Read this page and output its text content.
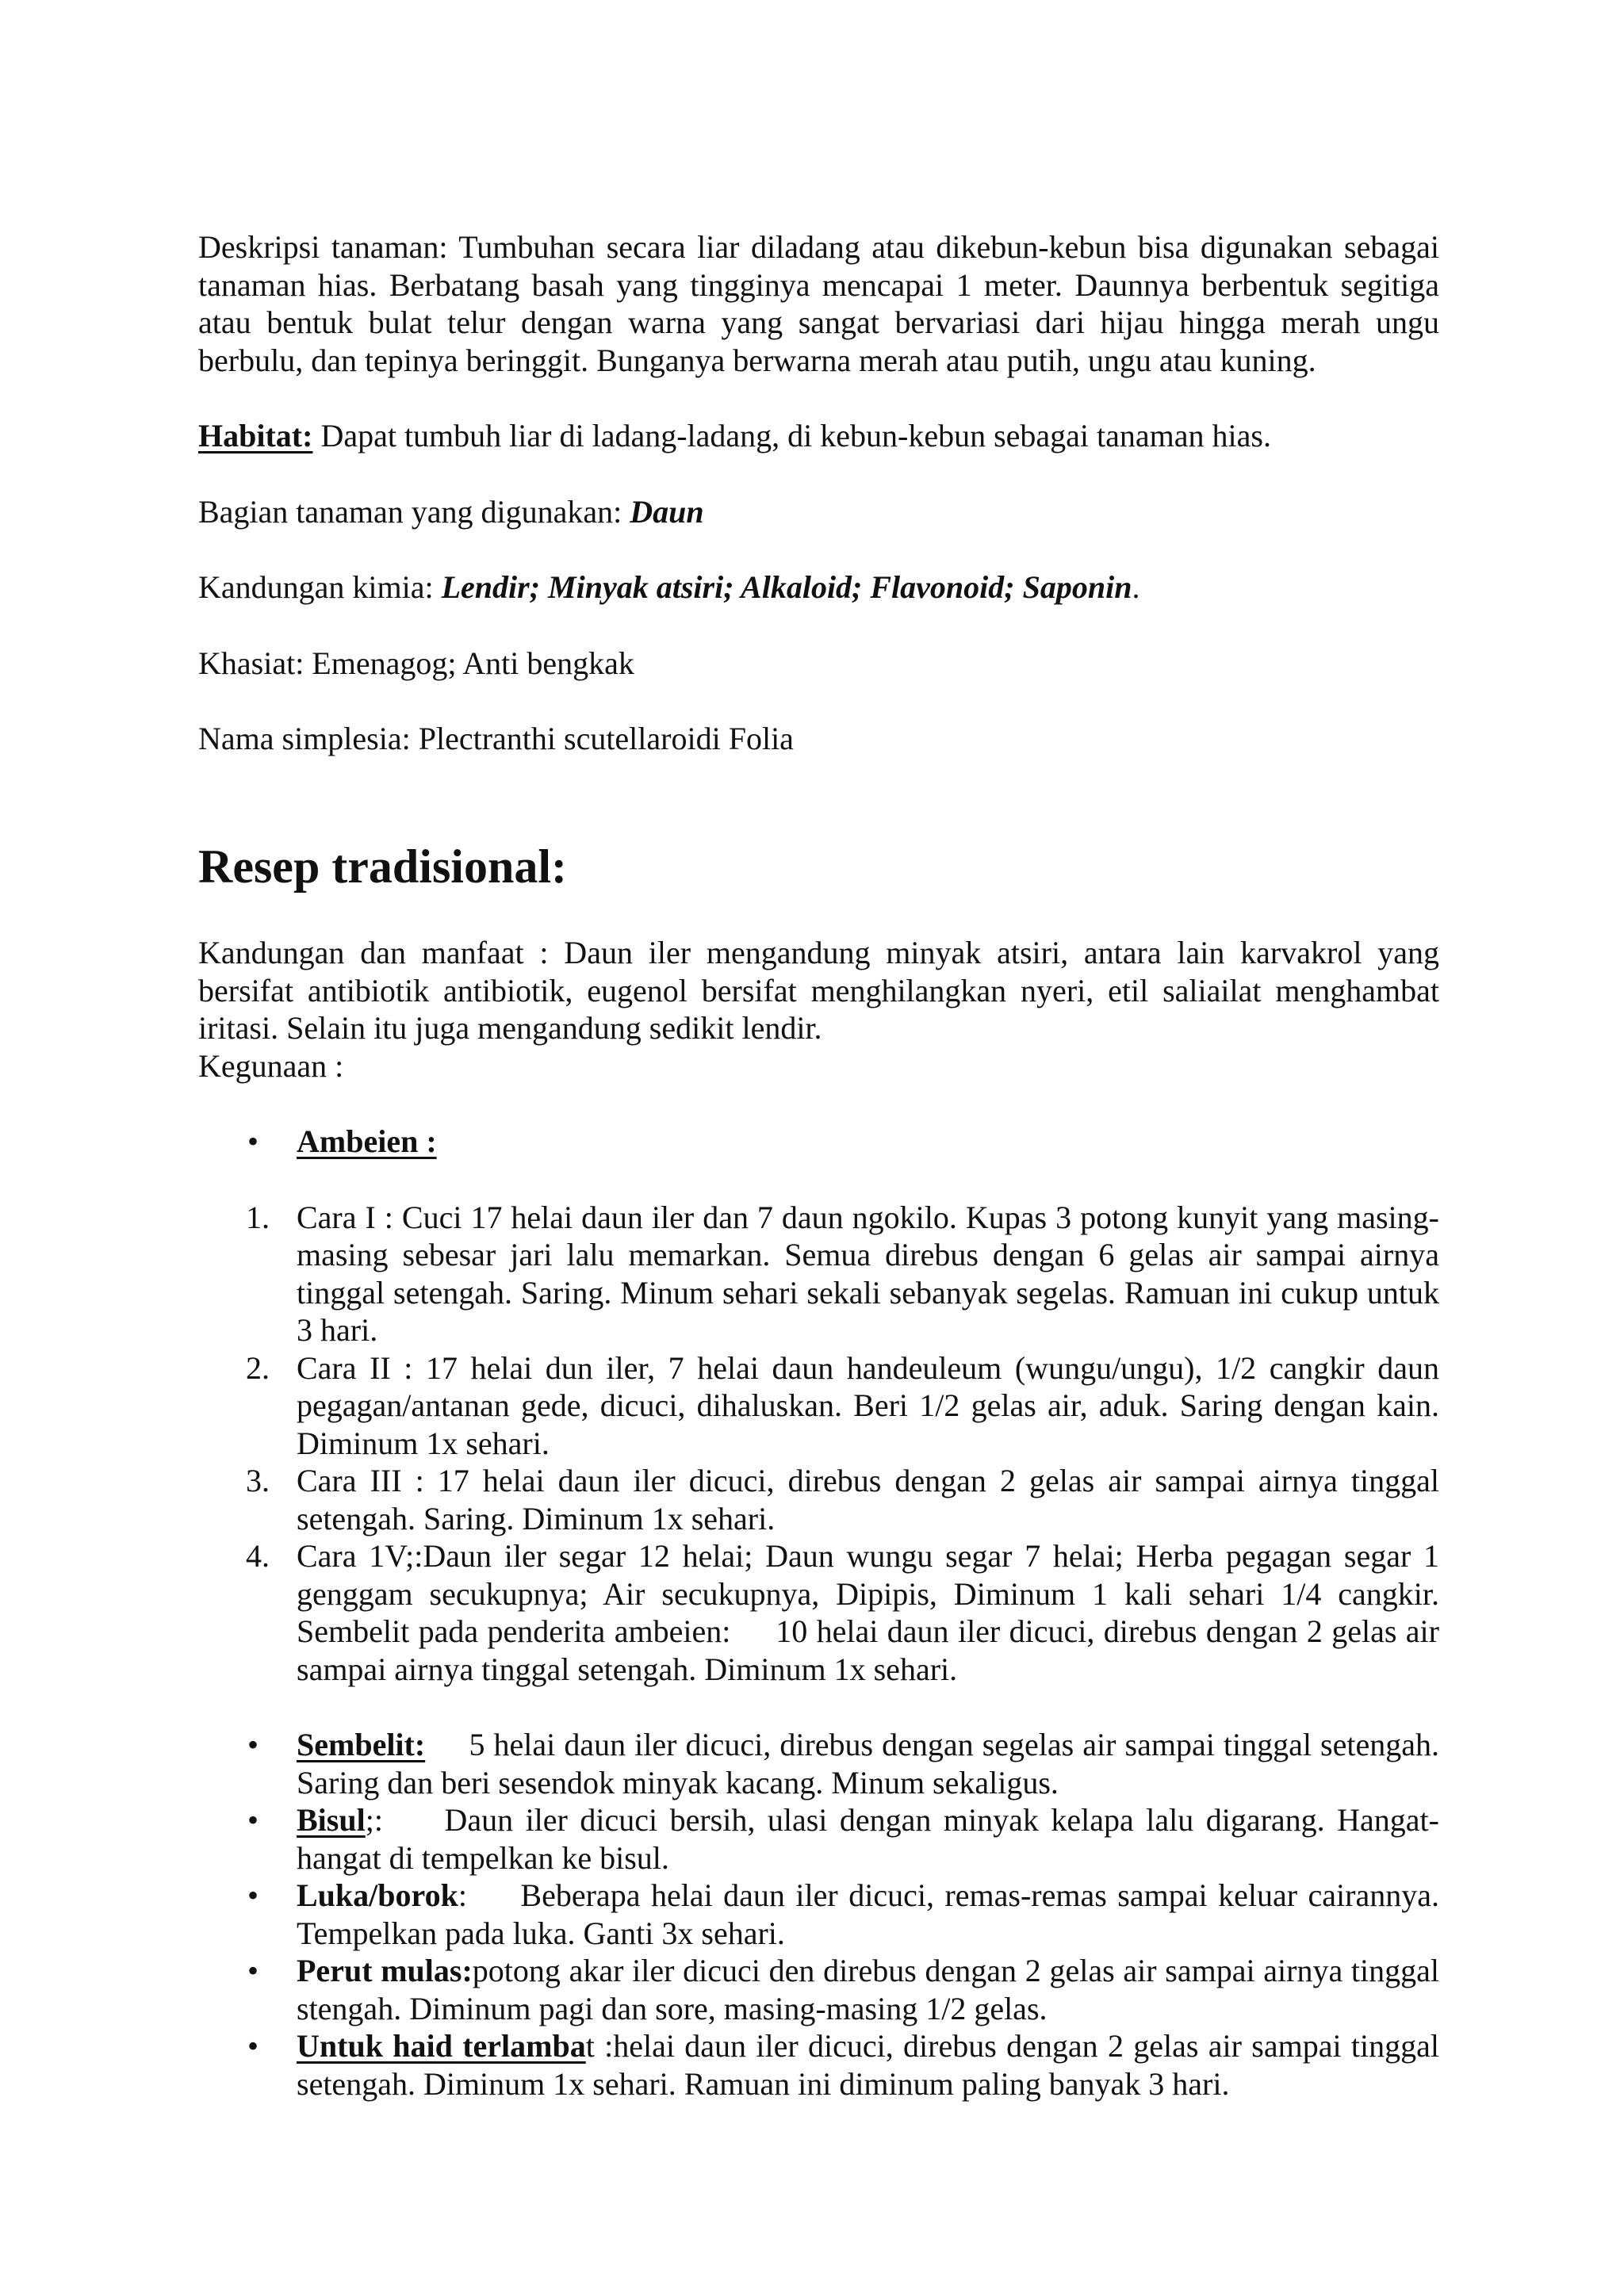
Deskripsi tanaman: Tumbuhan secara liar diladang atau dikebun-kebun bisa digunakan sebagai tanaman hias. Berbatang basah yang tingginya mencapai 1 meter. Daunnya berbentuk segitiga atau bentuk bulat telur dengan warna yang sangat bervariasi dari hijau hingga merah ungu berbulu, dan tepinya beringgit. Bunganya berwarna merah atau putih, ungu atau kuning.

Habitat: Dapat tumbuh liar di ladang-ladang, di kebun-kebun sebagai tanaman hias.

Bagian tanaman yang digunakan: Daun

Kandungan kimia: Lendir; Minyak atsiri; Alkaloid; Flavonoid; Saponin.

Khasiat: Emenagog; Anti bengkak

Nama simplesia: Plectranthi scutellaroidi Folia

Resep tradisional:

Kandungan dan manfaat : Daun iler mengandung minyak atsiri, antara lain karvakrol yang bersifat antibiotik antibiotik, eugenol bersifat menghilangkan nyeri, etil saliailat menghambat iritasi. Selain itu juga mengandung sedikit lendir.

Kegunaan :

• Ambeien :
1. Cara I : Cuci 17 helai daun iler dan 7 daun ngokilo. Kupas 3 potong kunyit yang masing-masing sebesar jari lalu memarkan. Semua direbus dengan 6 gelas air sampai airnya tinggal setengah. Saring. Minum sehari sekali sebanyak segelas. Ramuan ini cukup untuk 3 hari.
2. Cara II : 17 helai dun iler, 7 helai daun handeuleum (wungu/ungu), 1/2 cangkir daun pegagan/antanan gede, dicuci, dihaluskan. Beri 1/2 gelas air, aduk. Saring dengan kain. Diminum 1x sehari.
3. Cara III : 17 helai daun iler dicuci, direbus dengan 2 gelas air sampai airnya tinggal setengah. Saring. Diminum 1x sehari.
4. Cara 1V;:Daun iler segar 12 helai; Daun wungu segar 7 helai; Herba pegagan segar 1 genggam secukupnya; Air secukupnya, Dipipis, Diminum 1 kali sehari 1/4 cangkir. Sembelit pada penderita ambeien:     10 helai daun iler dicuci, direbus dengan 2 gelas air sampai airnya tinggal setengah. Diminum 1x sehari.
• Sembelit:     5 helai daun iler dicuci, direbus dengan segelas air sampai tinggal setengah. Saring dan beri sesendok minyak kacang. Minum sekaligus.
• Bisul;:     Daun iler dicuci bersih, ulasi dengan minyak kelapa lalu digarang. Hangat-hangat di tempelkan ke bisul.
• Luka/borok:     Beberapa helai daun iler dicuci, remas-remas sampai keluar cairannya. Tempelkan pada luka. Ganti 3x sehari.
• Perut mulas:potong akar iler dicuci den direbus dengan 2 gelas air sampai airnya tinggal stengah. Diminum pagi dan sore, masing-masing 1/2 gelas.
• Untuk haid terlambat :helai daun iler dicuci, direbus dengan 2 gelas air sampai tinggal setengah. Diminum 1x sehari. Ramuan ini diminum paling banyak 3 hari.
